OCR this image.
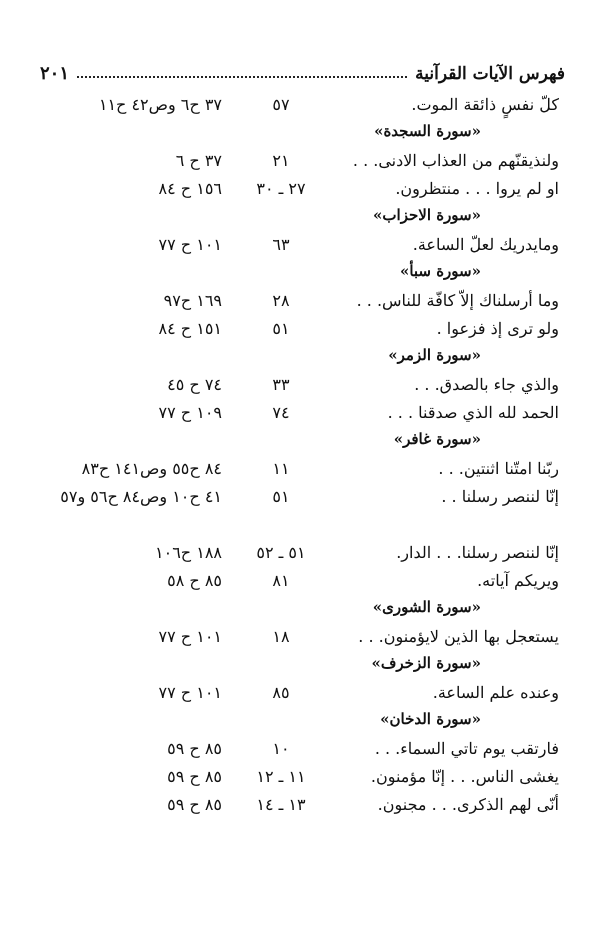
فهرس الآيات القرآنية
٢٠١
كلّ نفسٍ ذائقة الموت.
٥٧
٣٧ ح٦ وص٤٢ ح١١
«سورة السجدة»
ولنذيقنّهم من العذاب الادنى. . .
٢١
٣٧ ح ٦
او لم يروا . . . منتظرون.
٢٧ ـ ٣٠
١٥٦ ح ٨٤
«سورة الاحزاب»
ومايدريك لعلّ الساعة.
٦٣
١٠١ ح ٧٧
«سورة سبأ»
وما أرسلناك إلاّ كافّة للناس. . .
٢٨
١٦٩ ح٩٧
ولو ترى إذ فزعوا .
٥١
١٥١ ح ٨٤
«سورة الزمر»
والذي جاء بالصدق. . .
٣٣
٧٤ ح ٤٥
الحمد لله الذي صدقنا . . .
٧٤
١٠٩ ح ٧٧
«سورة غافر»
ربّنا امتّنا اثنتين. . .
١١
٨٤ ح٥٥ وص١٤١ ح٨٣
إنّا لننصر رسلنا . .
٥١
٤١ ح١٠ وص٨٤ ح٥٦ و٥٧
إنّا لننصر رسلنا. . . الدار.
٥١ ـ ٥٢
١٨٨ ح١٠٦
ويريكم آياته.
٨١
٨٥ ح ٥٨
«سورة الشورى»
يستعجل بها الذين لايؤمنون. . .
١٨
١٠١ ح ٧٧
«سورة الزخرف»
وعنده علم الساعة.
٨٥
١٠١ ح ٧٧
«سورة الدخان»
فارتقب يوم تاتي السماء. . .
١٠
٨٥ ح ٥٩
يغشى الناس. . . إنّا مؤمنون.
١١ ـ ١٢
٨٥ ح ٥٩
أنّى لهم الذكرى. . . مجنون.
١٣ ـ ١٤
٨٥ ح ٥٩
